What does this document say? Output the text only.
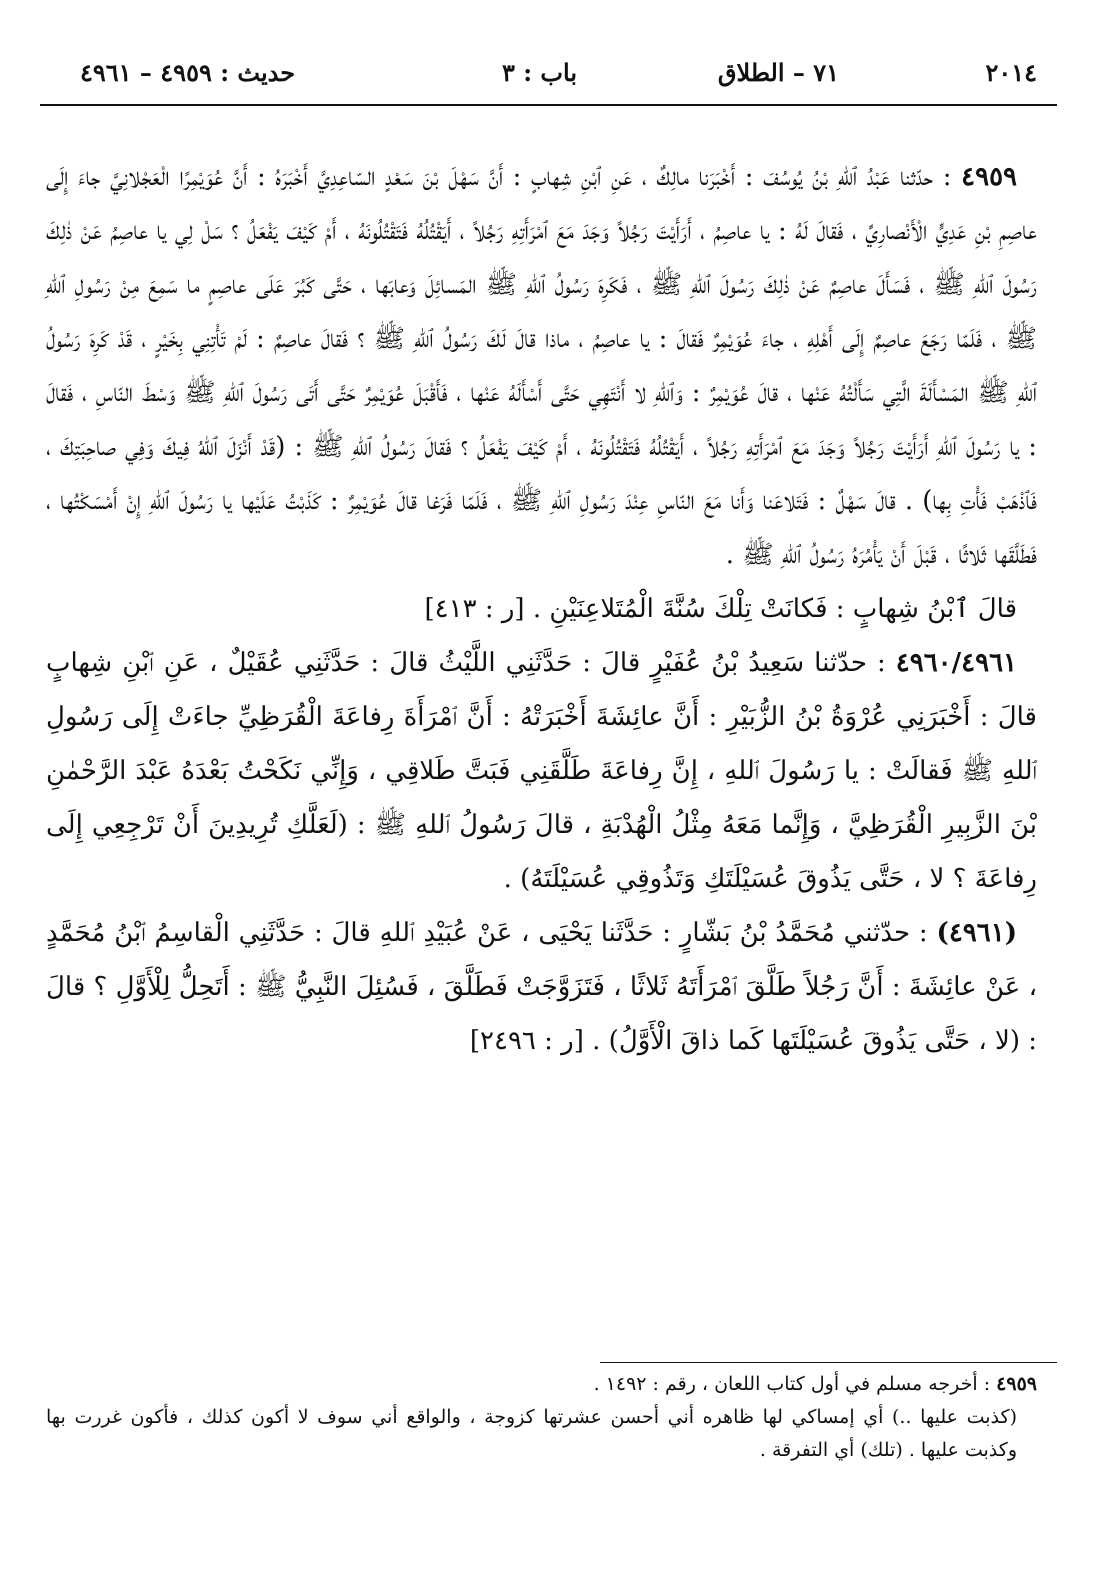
٢٠١٤
٧١ – الطلاق
باب : ٣
حديث : ٤٩٥٩ – ٤٩٦١

٤٩٥٩ : حدّثنا عَبْدُ ٱللهِ بْنُ يُوسُفَ : أَخْبَرَنا مالِكٌ ، عَنِ ٱبْنِ شِهابٍ : أَنَّ سَهْلَ بْنَ سَعْدٍ السّاعِدِيَّ أَخْبَرَهُ : أَنَّ عُوَيْمِرًا الْعَجْلانِيَّ جاءَ إِلَى عاصِمِ بْنِ عَدِيٍّ الْأَنْصارِيِّ ، فَقالَ لَهُ : يا عاصِمُ ، أَرَأَيْتَ رَجُلاً وَجَدَ مَعَ ٱمْرَأَتِهِ رَجُلاً ، أَيَقْتُلُهُ فَتَقْتُلُونَهُ ، أَمْ كَيْفَ يَفْعَلُ ؟ سَلْ لِي يا عاصِمُ عَنْ ذٰلِكَ رَسُولَ ٱللهِ ﷺ ، فَسَأَلَ عاصِمٌ عَنْ ذٰلِكَ رَسُولَ ٱللهِ ﷺ ، فَكَرِهَ رَسُولُ ٱللهِ ﷺ المَسائِلَ وَعابَها ، حَتَّى كَبُرَ عَلَى عاصِمٍ ما سَمِعَ مِنْ رَسُولِ ٱللهِ ﷺ ، فَلَمّا رَجَعَ عاصِمٌ إِلَى أَهْلِهِ ، جاءَ عُوَيْمِرٌ فَقالَ : يا عاصِمُ ، ماذا قالَ لَكَ رَسُولُ ٱللهِ ﷺ ؟ فَقالَ عاصِمٌ : لَمْ تَأْتِنِي بِخَيْرٍ ، قَدْ كَرِهَ رَسُولُ ٱللهِ ﷺ المَسْأَلَةَ الَّتِي سَأَلْتُهُ عَنْها ، قالَ عُوَيْمِرٌ : وَٱللهِ لا أَنْتَهِي حَتَّى أَسْأَلَهُ عَنْها ، فَأَقْبَلَ عُوَيْمِرٌ حَتَّى أَتَى رَسُولَ ٱللهِ ﷺ وَسْطَ النّاسِ ، فَقالَ : يا رَسُولَ ٱللهِ أَرَأَيْتَ رَجُلاً وَجَدَ مَعَ ٱمْرَأَتِهِ رَجُلاً ، أَيَقْتُلُهُ فَتَقْتُلُونَهُ ، أَمْ كَيْفَ يَفْعَلُ ؟ فَقالَ رَسُولُ ٱللهِ ﷺ : (قَدْ أَنْزَلَ ٱللهُ فِيكَ وَفِي صاحِبَتِكَ ، فَٱذْهَبْ فَأْتِ بِها) . قالَ سَهْلٌ : فَتَلاعَنا وَأَنا مَعَ النّاسِ عِنْدَ رَسُولِ ٱللهِ ﷺ ، فَلَمّا فَرَغا قالَ عُوَيْمِرٌ : كَذَبْتُ عَلَيْها يا رَسُولَ ٱللهِ إِنْ أَمْسَكْتُها ، فَطَلَّقَها ثَلاثًا ، قَبْلَ أَنْ يَأْمُرَهُ رَسُولُ ٱللهِ ﷺ .

قالَ ٱبْنُ شِهابٍ : فَكانَتْ تِلْكَ سُنَّةَ الْمُتَلاعِنَيْنِ . [ر : ٤١٣]

٤٩٦٠/٤٩٦١ : حدّثنا سَعِيدُ بْنُ عُفَيْرٍ قالَ : حَدَّثَنِي اللَّيْثُ قالَ : حَدَّثَنِي عُقَيْلٌ ، عَنِ ٱبْنِ شِهابٍ قالَ : أَخْبَرَنِي عُرْوَةُ بْنُ الزُّبَيْرِ : أَنَّ عائِشَةَ أَخْبَرَتْهُ : أَنَّ ٱمْرَأَةَ رِفاعَةَ الْقُرَظِيِّ جاءَتْ إِلَى رَسُولِ ٱللهِ ﷺ فَقالَتْ : يا رَسُولَ ٱللهِ ، إِنَّ رِفاعَةَ طَلَّقَنِي فَبَتَّ طَلاقِي ، وَإِنِّي نَكَحْتُ بَعْدَهُ عَبْدَ الرَّحْمٰنِ بْنَ الزَّبِيرِ الْقُرَظِيَّ ، وَإِنَّما مَعَهُ مِثْلُ الْهُدْبَةِ ، قالَ رَسُولُ ٱللهِ ﷺ : (لَعَلَّكِ تُرِيدِينَ أَنْ تَرْجِعِي إِلَى رِفاعَةَ ؟ لا ، حَتَّى يَذُوقَ عُسَيْلَتَكِ وَتَذُوقِي عُسَيْلَتَهُ) .

(٤٩٦١) : حدّثني مُحَمَّدُ بْنُ بَشّارٍ : حَدَّثَنا يَحْيَى ، عَنْ عُبَيْدِ ٱللهِ قالَ : حَدَّثَنِي الْقاسِمُ ٱبْنُ مُحَمَّدٍ ، عَنْ عائِشَةَ : أَنَّ رَجُلاً طَلَّقَ ٱمْرَأَتَهُ ثَلاثًا ، فَتَزَوَّجَتْ فَطَلَّقَ ، فَسُئِلَ النَّبِيُّ ﷺ : أَتَحِلُّ لِلْأَوَّلِ ؟ قالَ : (لا ، حَتَّى يَذُوقَ عُسَيْلَتَها كَما ذاقَ الْأَوَّلُ) . [ر : ٢٤٩٦]

٤٩٥٩ : أخرجه مسلم في أول كتاب اللعان ، رقم : ١٤٩٢ .

(كذبت عليها ..) أي إمساكي لها ظاهره أني أحسن عشرتها كزوجة ، والواقع أني سوف لا أكون كذلك ، فأكون غررت بها وكذبت عليها . (تلك) أي التفرقة .
